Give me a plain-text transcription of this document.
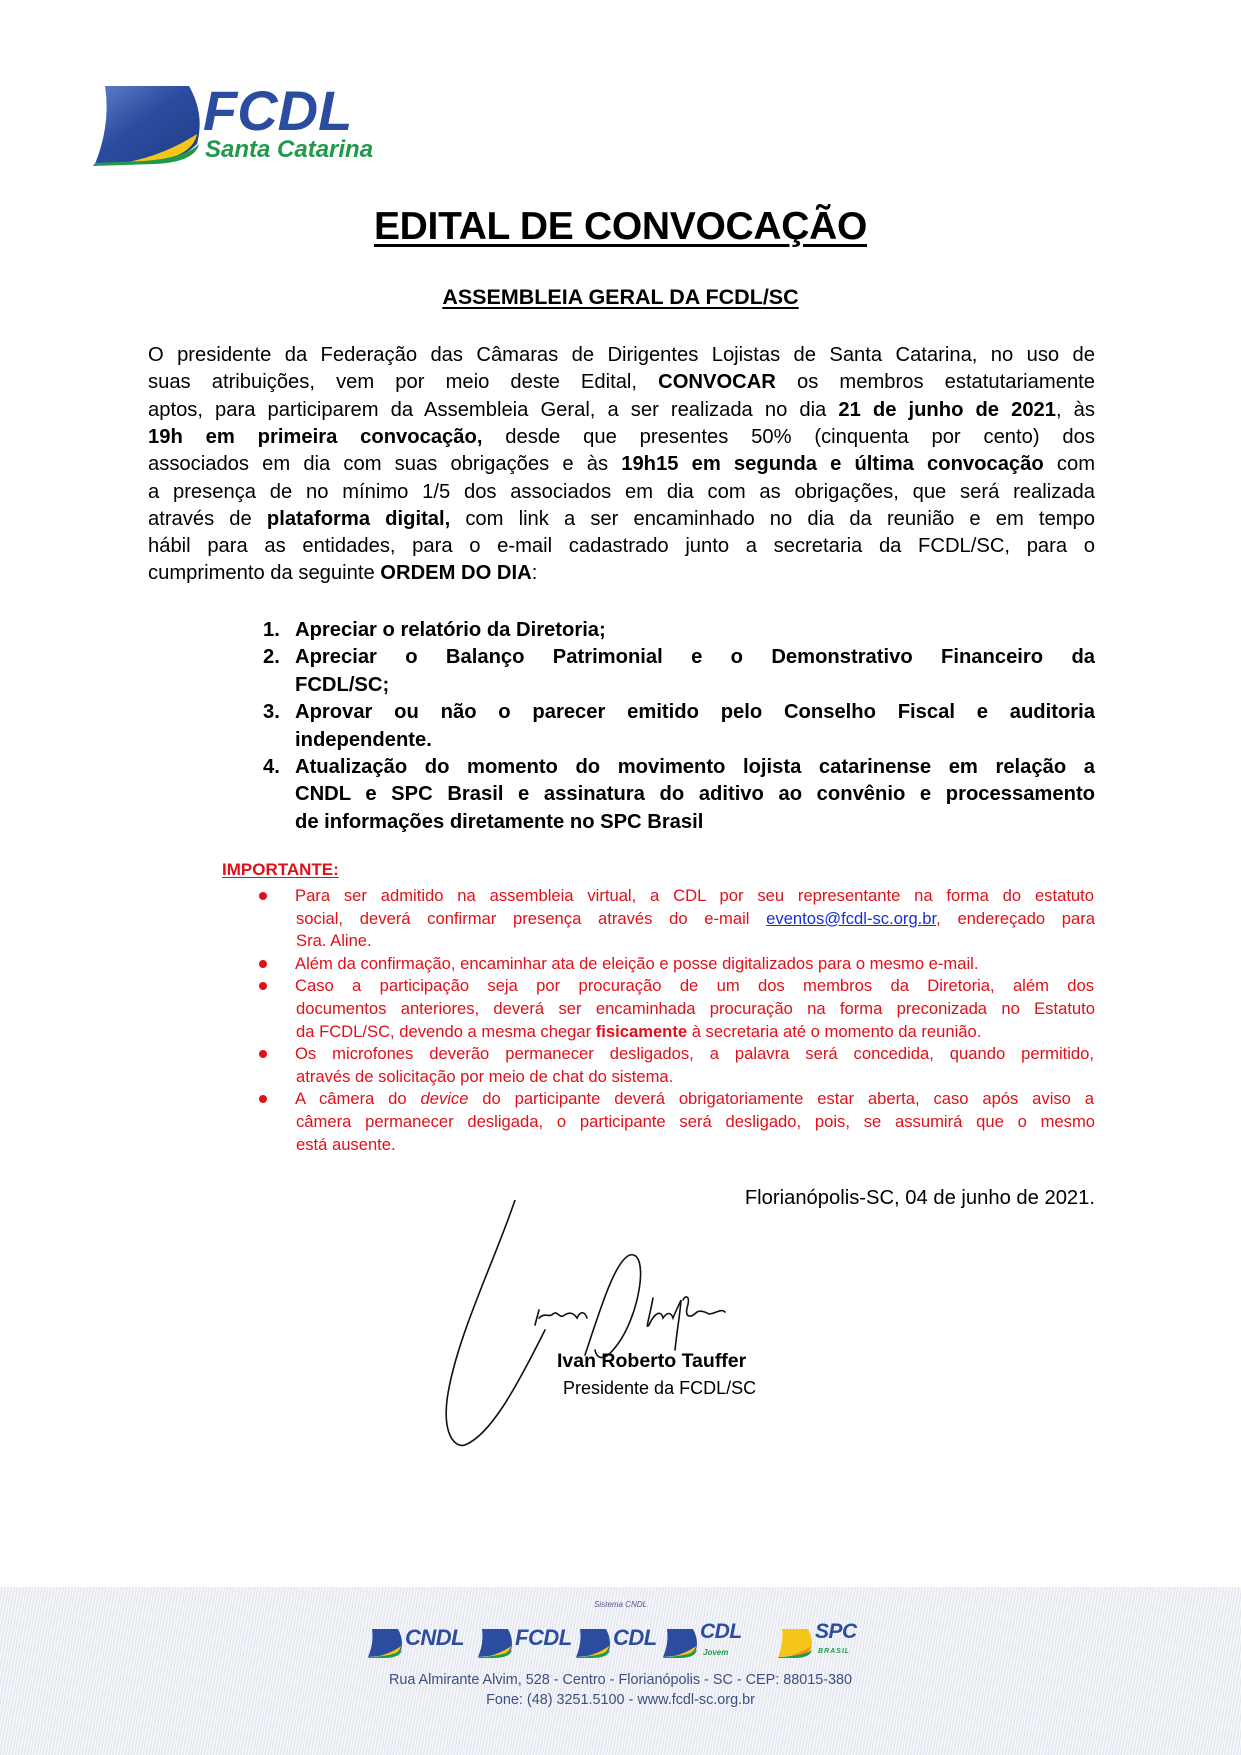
FCDL
Santa Catarina
EDITAL DE CONVOCAÇÃO
ASSEMBLEIA GERAL DA FCDL/SC
O presidente da Federação das Câmaras de Dirigentes Lojistas de Santa Catarina, no uso de
suas atribuições, vem por meio deste Edital, CONVOCAR os membros estatutariamente
aptos, para participarem da Assembleia Geral, a ser realizada no dia 21 de junho de 2021, às
19h em primeira convocação, desde que presentes 50% (cinquenta por cento) dos
associados em dia com suas obrigações e às 19h15 em segunda e última convocação com
a presença de no mínimo 1/5 dos associados em dia com as obrigações, que será realizada
através de plataforma digital, com link a ser encaminhado no dia da reunião e em tempo
hábil para as entidades, para o e-mail cadastrado junto a secretaria da FCDL/SC, para o
cumprimento da seguinte ORDEM DO DIA:
1. Apreciar o relatório da Diretoria;
2. Apreciar o Balanço Patrimonial e o Demonstrativo Financeiro da
FCDL/SC;
3. Aprovar ou não o parecer emitido pelo Conselho Fiscal e auditoria
independente.
4. Atualização do momento do movimento lojista catarinense em relação a
CNDL e SPC Brasil e assinatura do aditivo ao convênio e processamento
de informações diretamente no SPC Brasil
IMPORTANTE:
Para ser admitido na assembleia virtual, a CDL por seu representante na forma do estatuto
social, deverá confirmar presença através do e-mail eventos@fcdl-sc.org.br, endereçado para
Sra. Aline.
Além da confirmação, encaminhar ata de eleição e posse digitalizados para o mesmo e-mail.
Caso a participação seja por procuração de um dos membros da Diretoria, além dos
documentos anteriores, deverá ser encaminhada procuração na forma preconizada no Estatuto
da FCDL/SC, devendo a mesma chegar fisicamente à secretaria até o momento da reunião.
Os microfones deverão permanecer desligados, a palavra será concedida, quando permitido,
através de solicitação por meio de chat do sistema.
A câmera do device do participante deverá obrigatoriamente estar aberta, caso após aviso a
câmera permanecer desligada, o participante será desligado, pois, se assumirá que o mesmo
está ausente.
Florianópolis-SC, 04 de junho de 2021.
Ivan Roberto Tauffer
Presidente da FCDL/SC
Sistema CNDL
CNDL FCDL CDL CDL
Jovem
SPC
BRASIL
Rua Almirante Alvim, 528 - Centro - Florianópolis - SC - CEP: 88015-380
Fone: (48) 3251.5100 - www.fcdl-sc.org.br
